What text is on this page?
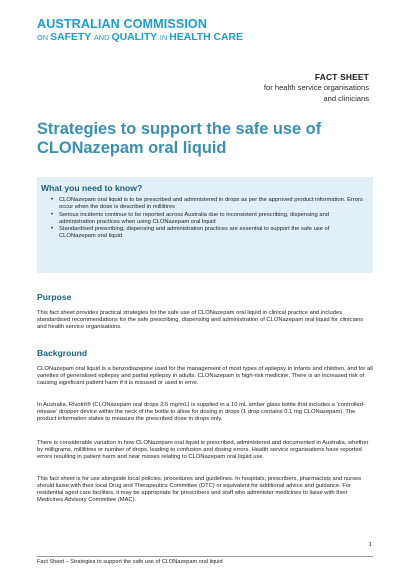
AUSTRALIAN COMMISSION
ON SAFETY AND QUALITY IN HEALTH CARE
FACT SHEET
for health service organisations
and clinicians
Strategies to support the safe use of
CLONazepam oral liquid
What you need to know?
• CLONazepam oral liquid is to be prescribed and administered in drops as per the approved product information. Errors occur when the dose is described in millilitres
• Serious incidents continue to be reported across Australia due to inconsistent prescribing, dispensing and administration practices when using CLONazepam oral liquid
• Standardised prescribing, dispensing and administration practices are essential to support the safe use of CLONazepam oral liquid.
Purpose

This fact sheet provides practical strategies for the safe use of CLONazepam oral liquid in clinical practice and includes standardised recommendations for the safe prescribing, dispensing and administration of CLONazepam oral liquid for clinicians and health service organisations.

Background

CLONazepam oral liquid is a benzodiazepine used for the management of most types of epilepsy in infants and children, and for all varieties of generalised epilepsy and partial epilepsy in adults. CLONazepam is high-risk medicine. There is an increased risk of causing significant patient harm if it is misused or used in error.

In Australia, Rivotril® (CLONazepam oral drops 2.5 mg/mL) is supplied in a 10 mL amber glass bottle that includes a ‘controlled-release’ dropper device within the neck of the bottle to allow for dosing in drops (1 drop contains 0.1 mg CLONazepam). The product information states to measure the prescribed dose in drops only.

There is considerable variation in how CLONazepam oral liquid is prescribed, administered and documented in Australia, whether by milligrams, millilitres or number of drops, leading to confusion and dosing errors. Health service organisations have reported errors resulting in patient harm and near misses relating to CLONazepam oral liquid use.

This fact sheet is for use alongside local policies, procedures and guidelines. In hospitals, prescribers, pharmacists and nurses should liaise with their local Drug and Therapeutics Committee (DTC) or equivalent for additional advice and guidance. For residential aged care facilities, it may be appropriate for prescribers and staff who administer medicines to liaise with their Medicines Advisory Committee (MAC).

1
Fact Sheet – Strategies to support the safe use of CLONazepam oral liquid
